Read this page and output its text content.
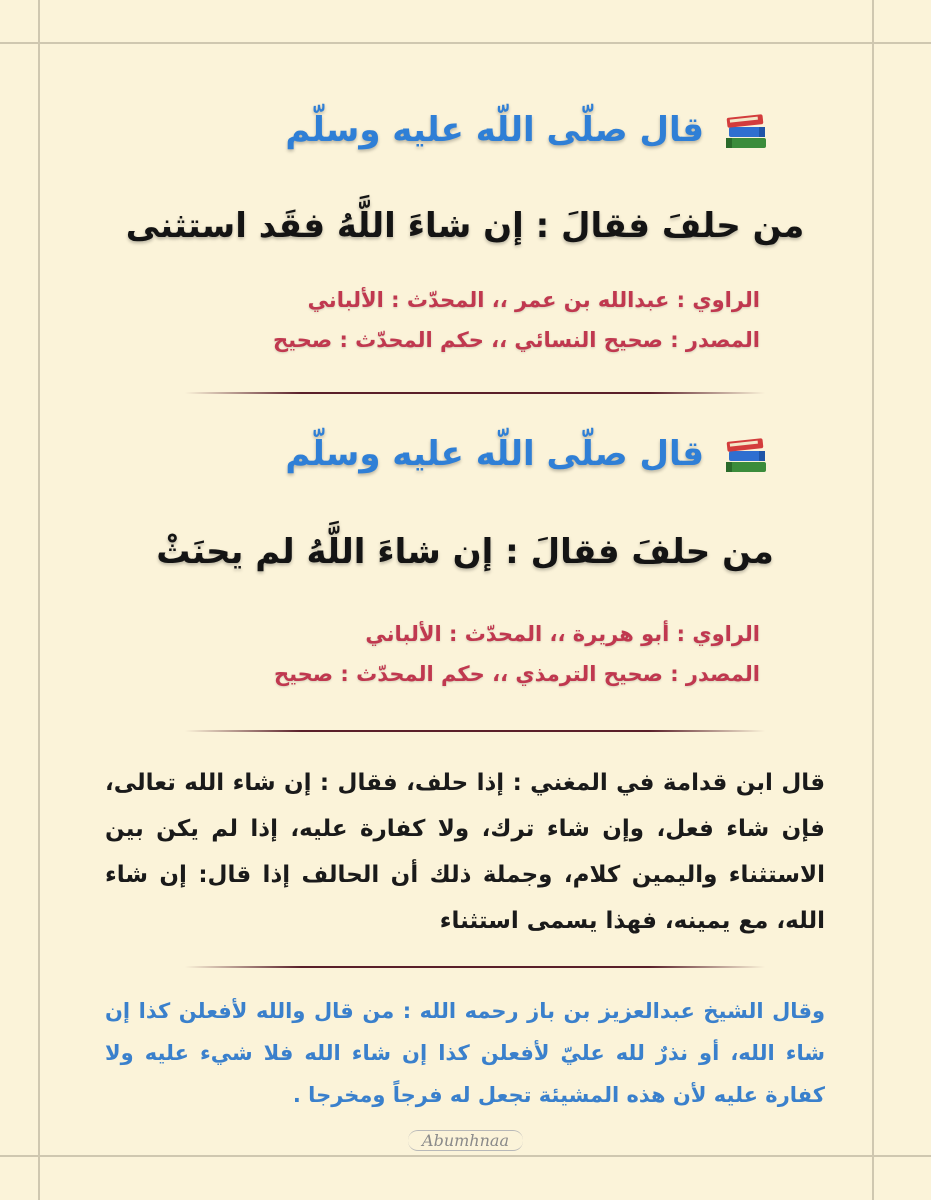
قال صلّى اللّه عليه وسلّم
من حلفَ فقالَ : إن شاءَ اللَّهُ فقَد استثنى
الراوي : عبدالله بن عمر ،، المحدّث : الألباني
المصدر : صحيح النسائي ،، حكم المحدّث : صحيح
قال صلّى اللّه عليه وسلّم
من حلفَ فقالَ : إن شاءَ اللَّهُ لم يحنَثْ
الراوي : أبو هريرة ،، المحدّث : الألباني
المصدر : صحيح الترمذي ،، حكم المحدّث : صحيح
قال ابن قدامة في المغني : إذا حلف، فقال : إن شاء الله تعالى، فإن شاء فعل، وإن شاء ترك، ولا كفارة عليه، إذا لم يكن بين الاستثناء واليمين كلام، وجملة ذلك أن الحالف إذا قال: إن شاء الله، مع يمينه، فهذا يسمى استثناء
وقال الشيخ عبدالعزيز بن باز رحمه الله : من قال والله لأفعلن كذا إن شاء الله، أو نذرٌ لله عليّ لأفعلن كذا إن شاء الله فلا شيء عليه ولا كفارة عليه لأن هذه المشيئة تجعل له فرجاً ومخرجا .
Abumhnaa
